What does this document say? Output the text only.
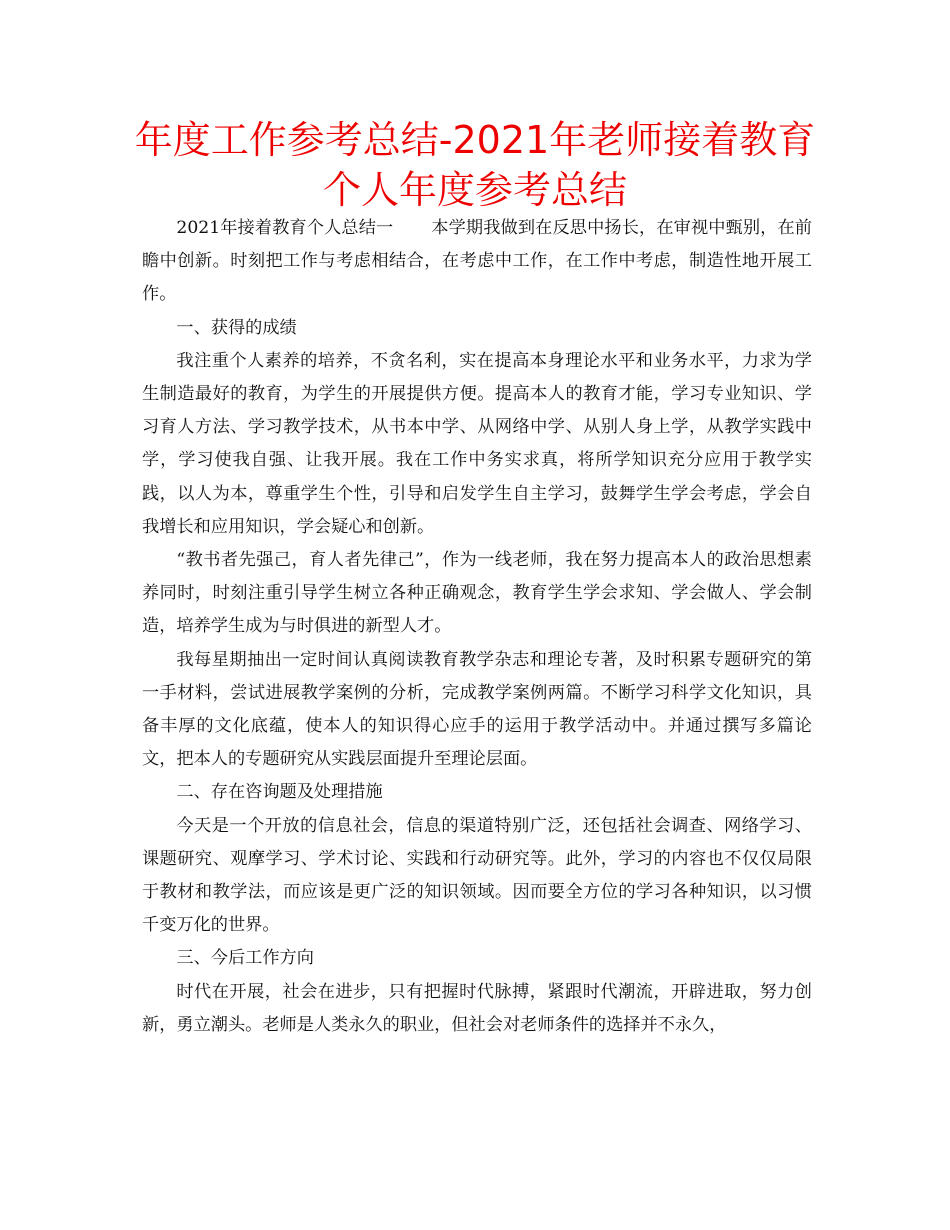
年度工作参考总结-2021年老师接着教育个人年度参考总结

2021年接着教育个人总结一 本学期我做到在反思中扬长，在审视中甄别，在前瞻中创新。时刻把工作与考虑相结合，在考虑中工作，在工作中考虑，制造性地开展工作。

一、获得的成绩

我注重个人素养的培养，不贪名利，实在提高本身理论水平和业务水平，力求为学生制造最好的教育，为学生的开展提供方便。提高本人的教育才能，学习专业知识、学习育人方法、学习教学技术，从书本中学、从网络中学、从别人身上学，从教学实践中学，学习使我自强、让我开展。我在工作中务实求真，将所学知识充分应用于教学实践，以人为本，尊重学生个性，引导和启发学生自主学习，鼓舞学生学会考虑，学会自我增长和应用知识，学会疑心和创新。

“教书者先强己，育人者先律己”，作为一线老师，我在努力提高本人的政治思想素养同时，时刻注重引导学生树立各种正确观念，教育学生学会求知、学会做人、学会制造，培养学生成为与时俱进的新型人才。

我每星期抽出一定时间认真阅读教育教学杂志和理论专著，及时积累专题研究的第一手材料，尝试进展教学案例的分析，完成教学案例两篇。不断学习科学文化知识，具备丰厚的文化底蕴，使本人的知识得心应手的运用于教学活动中。并通过撰写多篇论文，把本人的专题研究从实践层面提升至理论层面。

二、存在咨询题及处理措施

今天是一个开放的信息社会，信息的渠道特别广泛，还包括社会调查、网络学习、课题研究、观摩学习、学术讨论、实践和行动研究等。此外，学习的内容也不仅仅局限于教材和教学法，而应该是更广泛的知识领域。因而要全方位的学习各种知识，以习惯千变万化的世界。

三、今后工作方向

时代在开展，社会在进步，只有把握时代脉搏，紧跟时代潮流，开辟进取，努力创新，勇立潮头。老师是人类永久的职业，但社会对老师条件的选择并不永久，
